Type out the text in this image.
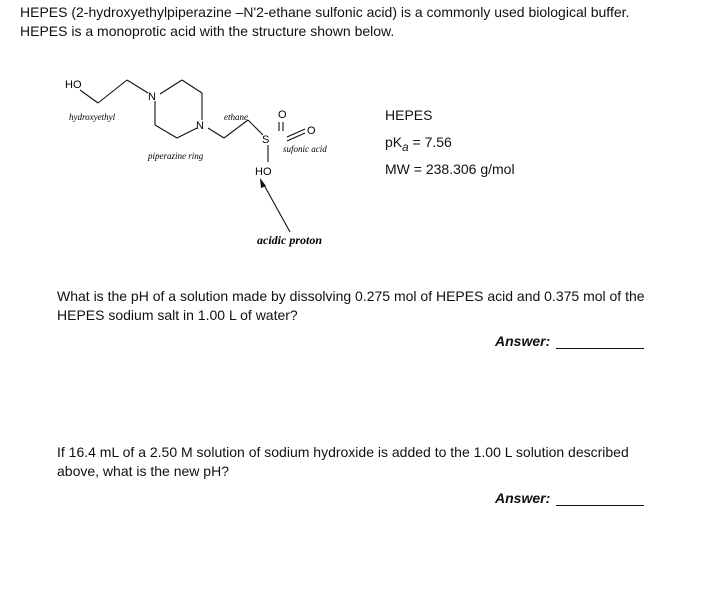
HEPES (2-hydroxyethylpiperazine –N'2-ethane sulfonic acid) is a commonly used biological buffer. HEPES is a monoprotic acid with the structure shown below.

HO
N
N
S
O
O
HO
hydroxyethyl
piperazine ring
ethane
sufonic acid
acidic proton
HEPES
$pK_a = 7.56$
MW = 238.306 g/mol

What is the pH of a solution made by dissolving 0.275 mol of HEPES acid and 0.375 mol of the HEPES sodium salt in 1.00 L of water?

Answer:

If 16.4 mL of a 2.50 M solution of sodium hydroxide is added to the 1.00 L solution described above, what is the new pH?

Answer:
